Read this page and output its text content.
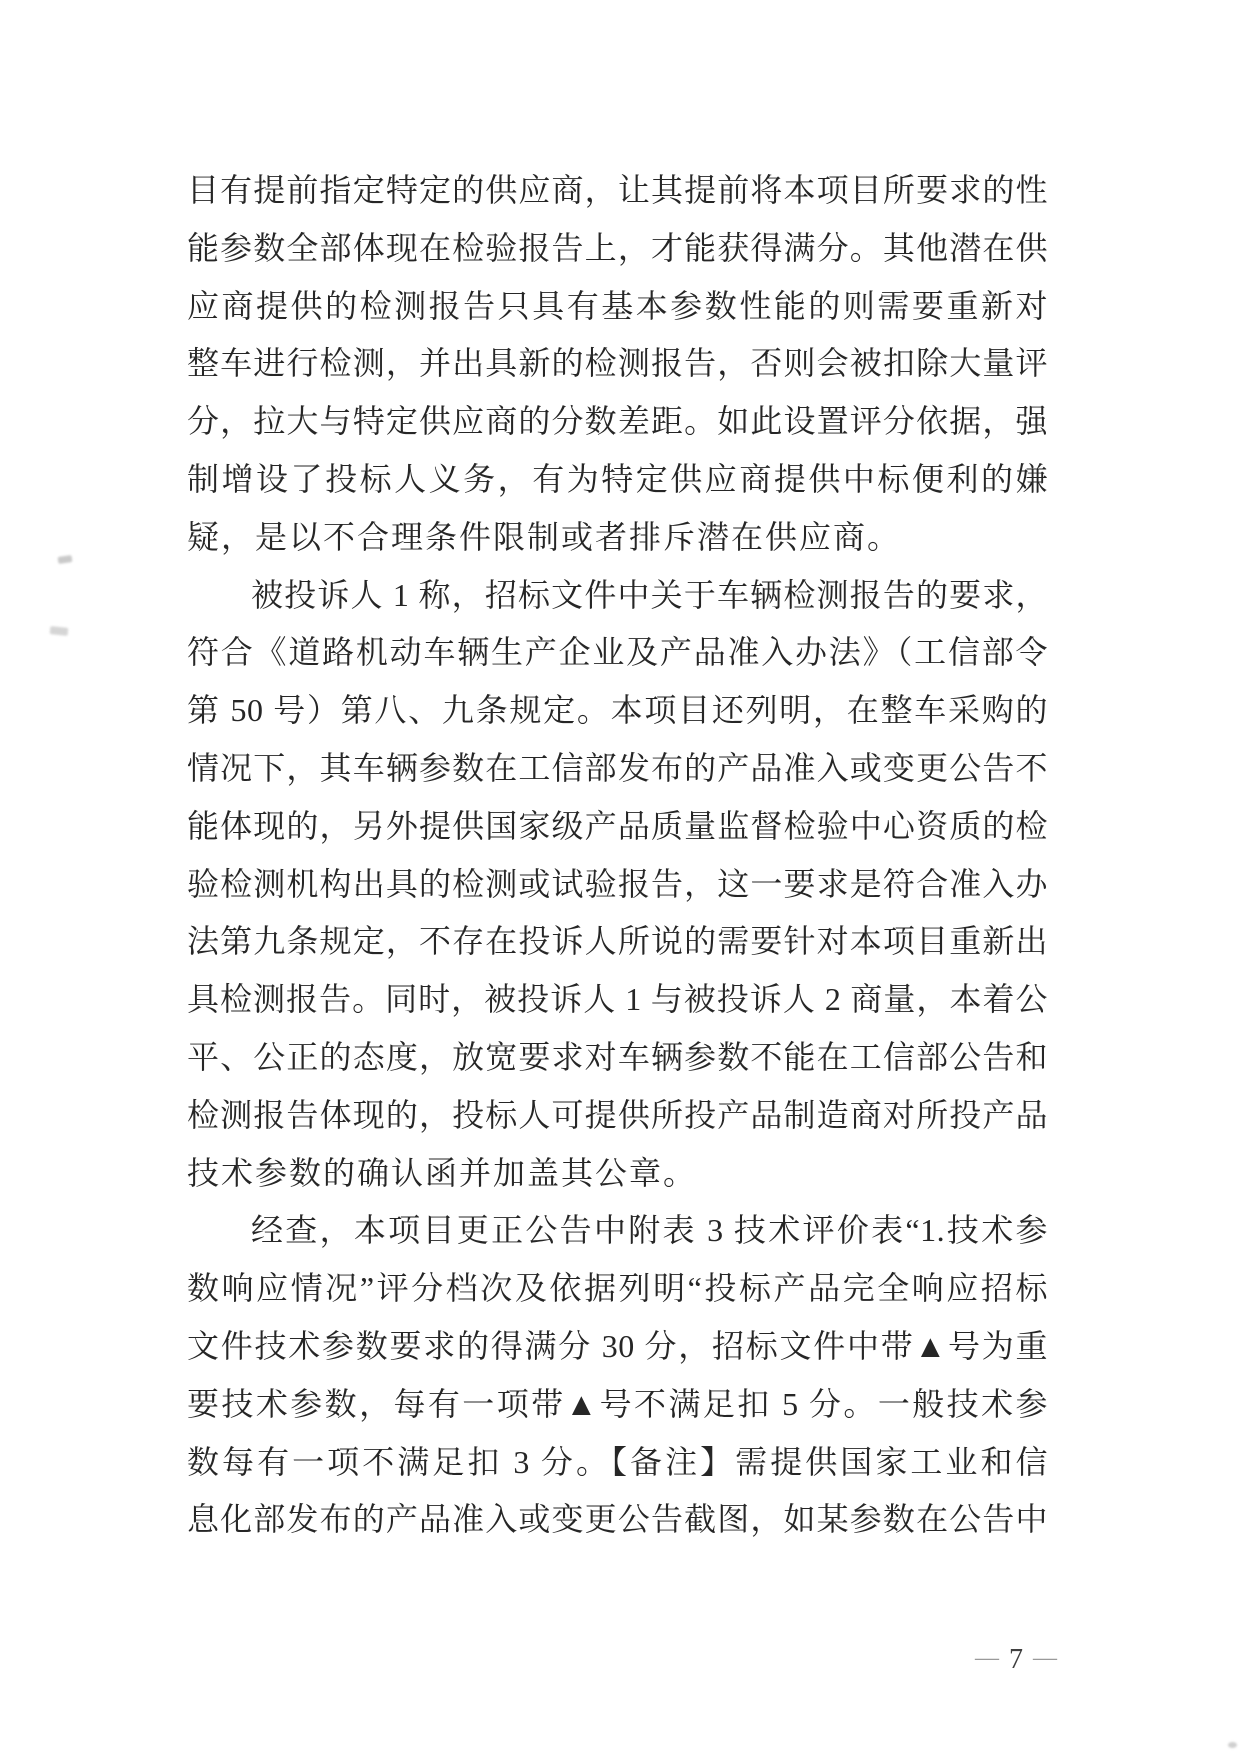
目有提前指定特定的供应商，让其提前将本项目所要求的性
能参数全部体现在检验报告上，才能获得满分。其他潜在供
应商提供的检测报告只具有基本参数性能的则需要重新对
整车进行检测，并出具新的检测报告，否则会被扣除大量评
分，拉大与特定供应商的分数差距。如此设置评分依据，强
制增设了投标人义务，有为特定供应商提供中标便利的嫌
疑，是以不合理条件限制或者排斥潜在供应商。
被投诉人 1 称，招标文件中关于车辆检测报告的要求，
符合《道路机动车辆生产企业及产品准入办法》（工信部令
第 50 号）第八、九条规定。本项目还列明，在整车采购的
情况下，其车辆参数在工信部发布的产品准入或变更公告不
能体现的，另外提供国家级产品质量监督检验中心资质的检
验检测机构出具的检测或试验报告，这一要求是符合准入办
法第九条规定，不存在投诉人所说的需要针对本项目重新出
具检测报告。同时，被投诉人 1 与被投诉人 2 商量，本着公
平、公正的态度，放宽要求对车辆参数不能在工信部公告和
检测报告体现的，投标人可提供所投产品制造商对所投产品
技术参数的确认函并加盖其公章。
经查，本项目更正公告中附表 3 技术评价表“1.技术参
数响应情况”评分档次及依据列明“投标产品完全响应招标
文件技术参数要求的得满分 30 分，招标文件中带▲号为重
要技术参数，每有一项带▲号不满足扣 5 分。一般技术参
数每有一项不满足扣 3 分。【备注】需提供国家工业和信
息化部发布的产品准入或变更公告截图，如某参数在公告中
— 7 —
